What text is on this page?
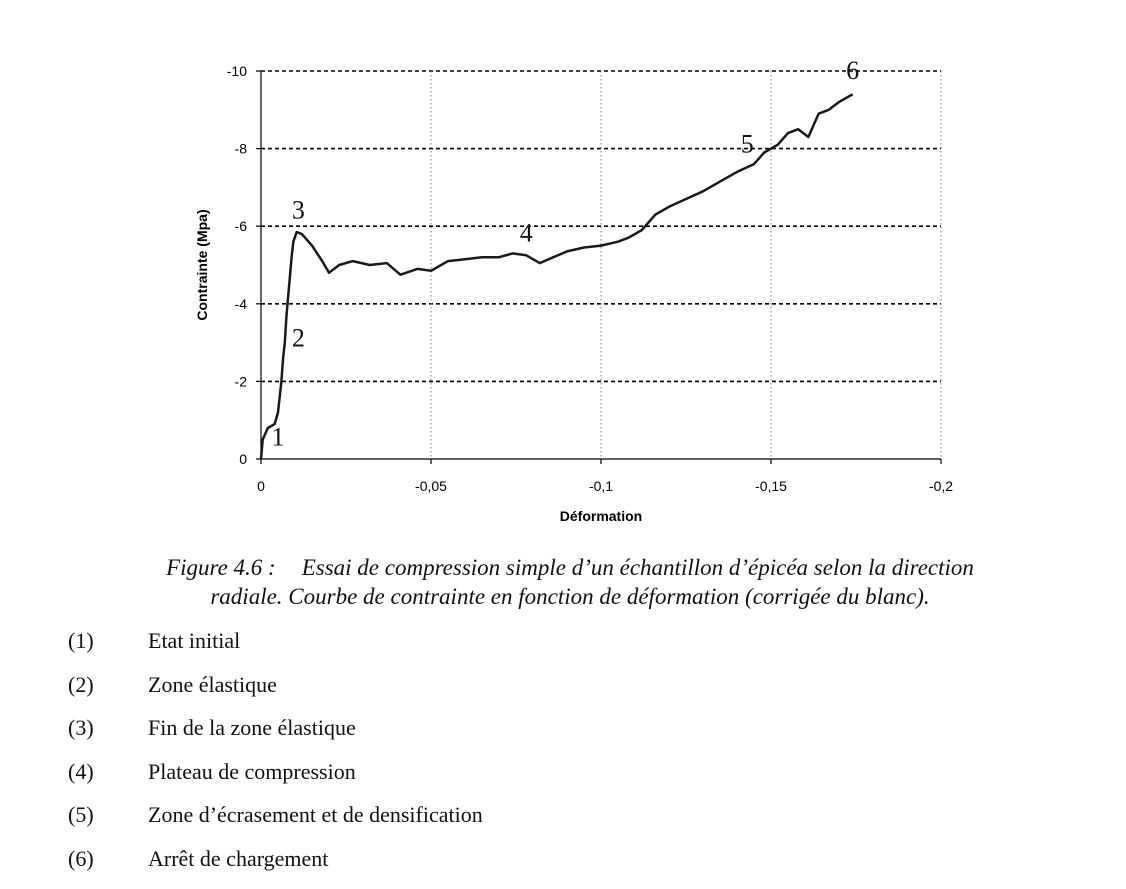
0
-2
-4
-6
-8
-10
0	-0,05	-0,1	-0,15	-0,2
1
2
3
4
5
6
Déformation
Contrainte (Mpa)
Figure 4.6 : Essai de compression simple d’un échantillon d’épicéa selon la direction
radiale. Courbe de contrainte en fonction de déformation (corrigée du blanc).
(1)	Etat initial
(2)	Zone élastique
(3)	Fin de la zone élastique
(4)	Plateau de compression
(5)	Zone d’écrasement et de densification
(6)	Arrêt de chargement
